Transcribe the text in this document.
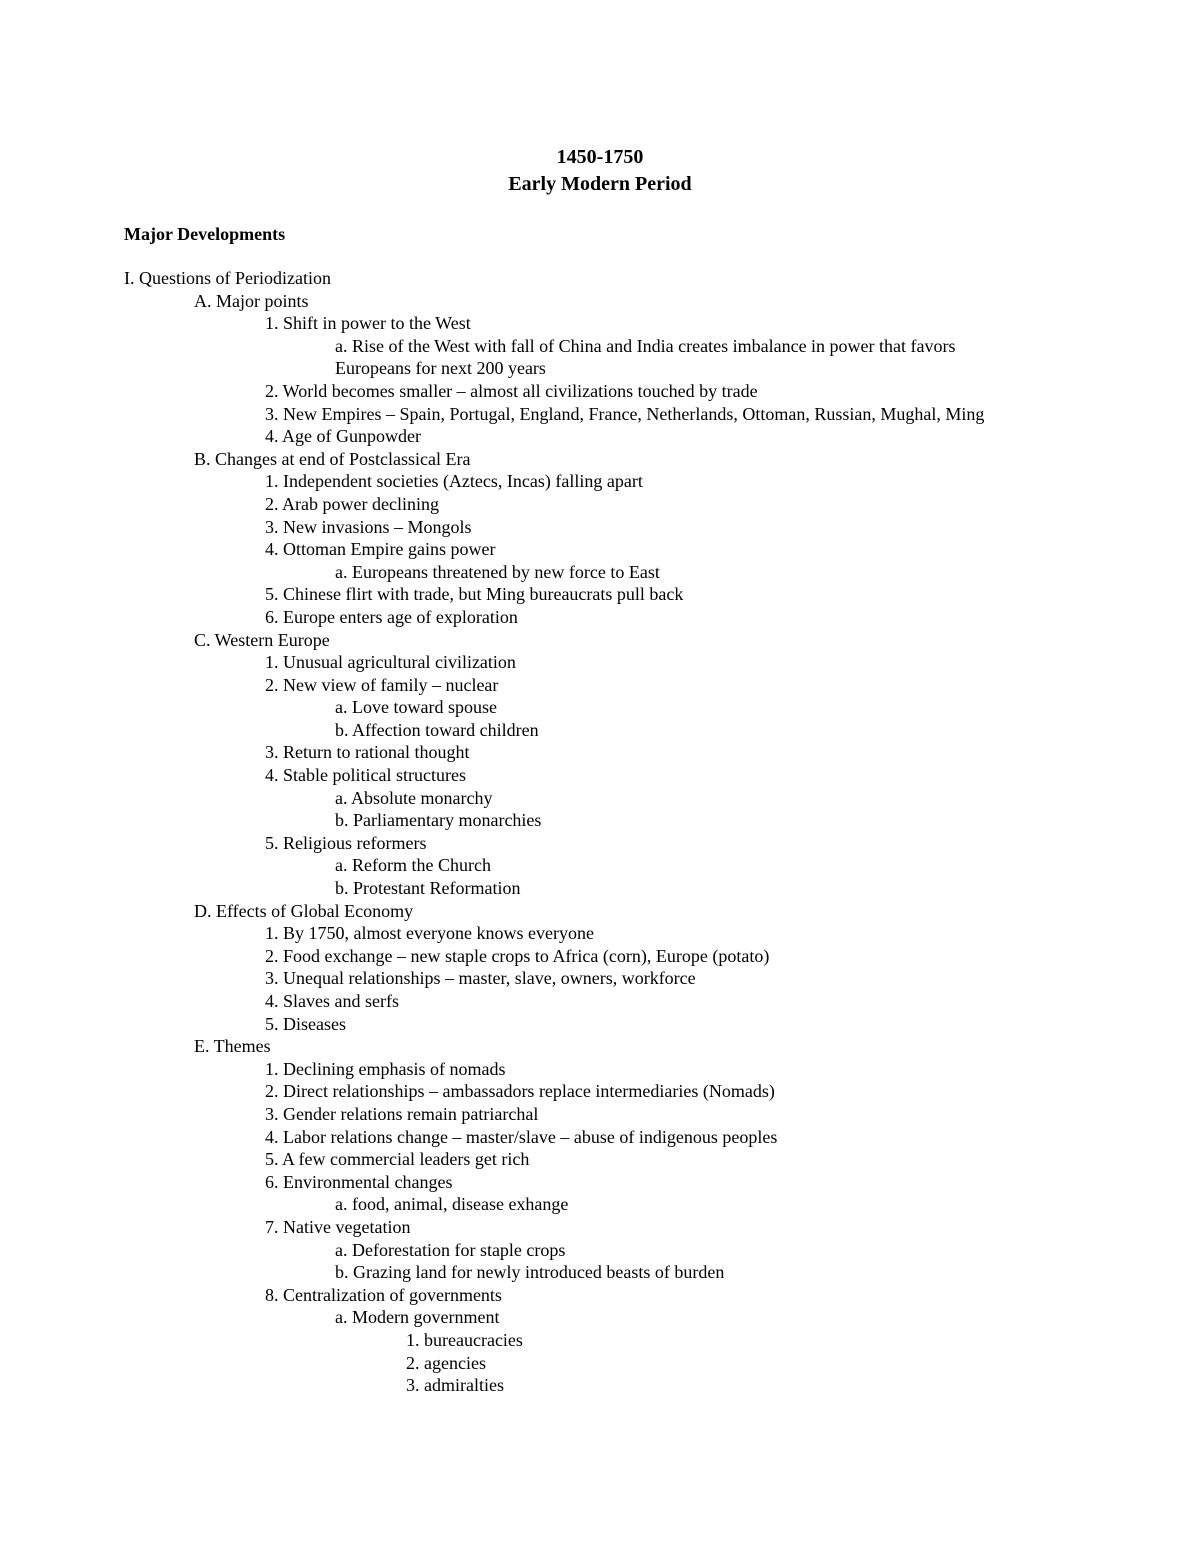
1450-1750
Early Modern Period
Major Developments
I. Questions of Periodization
A. Major points
1. Shift in power to the West
a. Rise of the West with fall of China and India creates imbalance in power that favors
Europeans for next 200 years
2. World becomes smaller – almost all civilizations touched by trade
3. New Empires – Spain, Portugal, England, France, Netherlands, Ottoman, Russian, Mughal, Ming
4. Age of Gunpowder
B. Changes at end of Postclassical Era
1. Independent societies (Aztecs, Incas) falling apart
2. Arab power declining
3. New invasions – Mongols
4. Ottoman Empire gains power
a. Europeans threatened by new force to East
5. Chinese flirt with trade, but Ming bureaucrats pull back
6. Europe enters age of exploration
C. Western Europe
1. Unusual agricultural civilization
2. New view of family – nuclear
a. Love toward spouse
b. Affection toward children
3. Return to rational thought
4. Stable political structures
a. Absolute monarchy
b. Parliamentary monarchies
5. Religious reformers
a. Reform the Church
b. Protestant Reformation
D. Effects of Global Economy
1. By 1750, almost everyone knows everyone
2. Food exchange – new staple crops to Africa (corn), Europe (potato)
3. Unequal relationships – master, slave, owners, workforce
4. Slaves and serfs
5. Diseases
E. Themes
1. Declining emphasis of nomads
2. Direct relationships – ambassadors replace intermediaries (Nomads)
3. Gender relations remain patriarchal
4. Labor relations change – master/slave – abuse of indigenous peoples
5. A few commercial leaders get rich
6. Environmental changes
a. food, animal, disease exhange
7. Native vegetation
a. Deforestation for staple crops
b. Grazing land for newly introduced beasts of burden
8. Centralization of governments
a. Modern government
1. bureaucracies
2. agencies
3. admiralties
